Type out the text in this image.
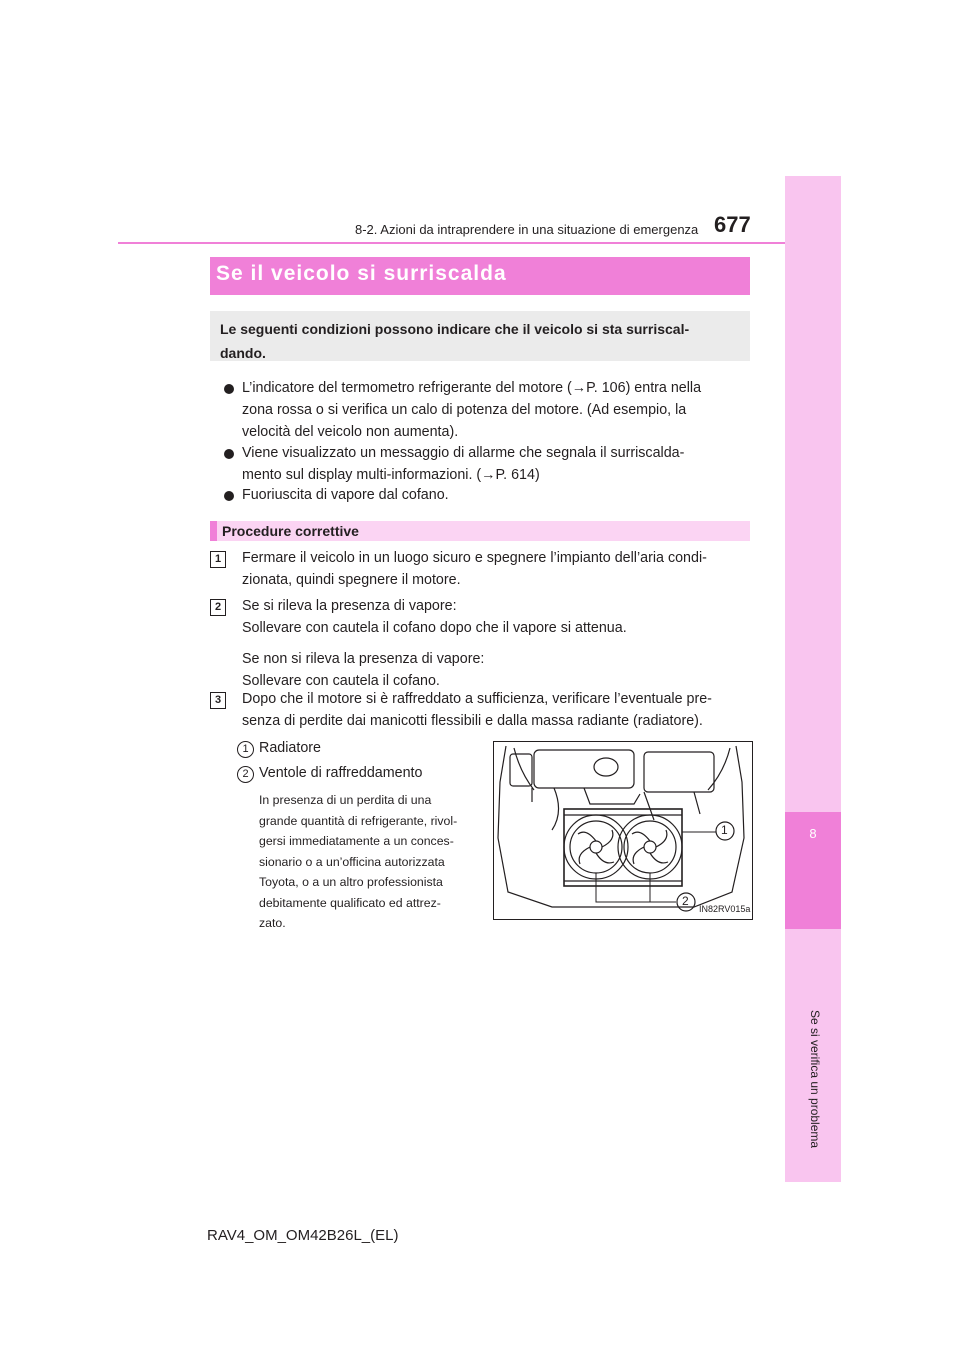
8
Se si verifica un problema
8-2. Azioni da intraprendere in una situazione di emergenza 677
Se il veicolo si surriscalda
Le seguenti condizioni possono indicare che il veicolo si sta surriscal-
dando.
L’indicatore del termometro refrigerante del motore (→P. 106) entra nella
zona rossa o si verifica un calo di potenza del motore. (Ad esempio, la
velocità del veicolo non aumenta).
Viene visualizzato un messaggio di allarme che segnala il surriscalda-
mento sul display multi-informazioni. (→P. 614)
Fuoriuscita di vapore dal cofano.
Procedure correttive
1	Fermare il veicolo in un luogo sicuro e spegnere l’impianto dell’aria condi-
zionata, quindi spegnere il motore.
2	Se si rileva la presenza di vapore:
Sollevare con cautela il cofano dopo che il vapore si attenua.
Se non si rileva la presenza di vapore:
Sollevare con cautela il cofano.
3	Dopo che il motore si è raffreddato a sufficienza, verificare l’eventuale pre-
senza di perdite dai manicotti flessibili e dalla massa radiante (radiatore).
1 Radiatore
2 Ventole di raffreddamento
In presenza di un perdita di una
grande quantità di refrigerante, rivol-
gersi immediatamente a un conces-
sionario o a un’officina autorizzata
Toyota, o a un altro professionista
debitamente qualificato ed attrez-
zato.
1
2
IN82RV015a
RAV4_OM_OM42B26L_(EL)
